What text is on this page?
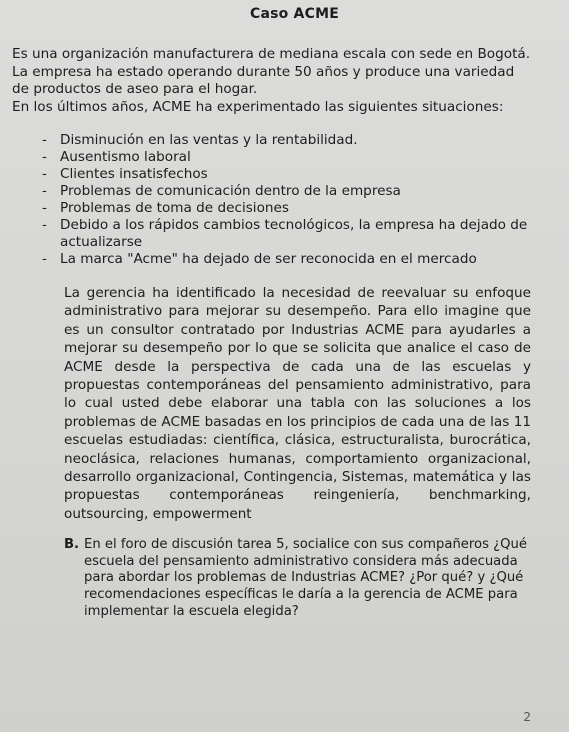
Caso ACME

Es una organización manufacturera de mediana escala con sede en Bogotá.

La empresa ha estado operando durante 50 años y produce una variedad de productos de aseo para el hogar.

En los últimos años, ACME ha experimentado las siguientes situaciones:

- Disminución en las ventas y la rentabilidad.
- Ausentismo laboral
- Clientes insatisfechos
- Problemas de comunicación dentro de la empresa
- Problemas de toma de decisiones
- Debido a los rápidos cambios tecnológicos, la empresa ha dejado de actualizarse
- La marca "Acme" ha dejado de ser reconocida en el mercado

La gerencia ha identificado la necesidad de reevaluar su enfoque administrativo para mejorar su desempeño. Para ello imagine que es un consultor contratado por Industrias ACME para ayudarles a mejorar su desempeño por lo que se solicita que analice el caso de ACME desde la perspectiva de cada una de las escuelas y propuestas contemporáneas del pensamiento administrativo, para lo cual usted debe elaborar una tabla con las soluciones a los problemas de ACME basadas en los principios de cada una de las 11 escuelas estudiadas: científica, clásica, estructuralista, burocrática, neoclásica, relaciones humanas, comportamiento organizacional, desarrollo organizacional, Contingencia, Sistemas, matemática y las propuestas contemporáneas reingeniería, benchmarking, outsourcing, empowerment

B. En el foro de discusión tarea 5, socialice con sus compañeros ¿Qué escuela del pensamiento administrativo considera más adecuada para abordar los problemas de Industrias ACME? ¿Por qué? y ¿Qué recomendaciones específicas le daría a la gerencia de ACME para implementar la escuela elegida?
2
